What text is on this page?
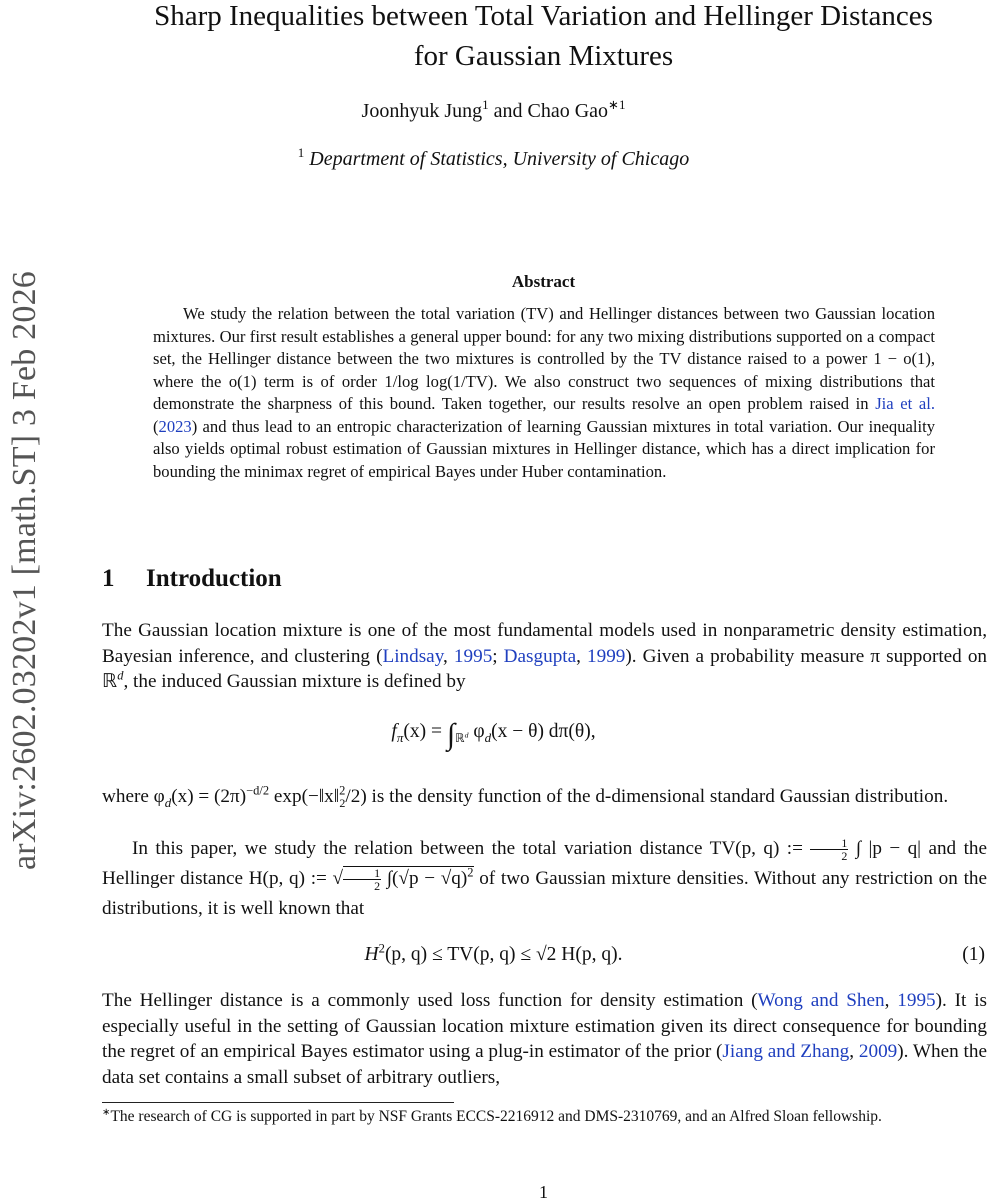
arXiv:2602.03202v1 [math.ST] 3 Feb 2026
Sharp Inequalities between Total Variation and Hellinger Distances
for Gaussian Mixtures
Joonhyuk Jung$^1$ and Chao Gao$^{∗1}$
$^1$ Department of Statistics, University of Chicago
Abstract
We study the relation between the total variation (TV) and Hellinger distances between two Gaussian location mixtures. Our first result establishes a general upper bound: for any two mixing distributions supported on a compact set, the Hellinger distance between the two mixtures is controlled by the TV distance raised to a power 1 − o(1), where the o(1) term is of order 1/log log(1/TV). We also construct two sequences of mixing distributions that demonstrate the sharpness of this bound. Taken together, our results resolve an open problem raised in Jia et al. (2023) and thus lead to an entropic characterization of learning Gaussian mixtures in total variation. Our inequality also yields optimal robust estimation of Gaussian mixtures in Hellinger distance, which has a direct implication for bounding the minimax regret of empirical Bayes under Huber contamination.
1 Introduction
The Gaussian location mixture is one of the most fundamental models used in nonparametric density estimation, Bayesian inference, and clustering (Lindsay, 1995; Dasgupta, 1999). Given a probability measure π supported on ℝ$^d$, the induced Gaussian mixture is defined by
$f_\pi(x) = \int_{ℝ^d}$ $\varphi_d(x - \theta)$ dπ(θ),
where $\varphi_d(x) = (2\pi)^{-d/2}$ exp(−‖x‖$^2_2$/2) is the density function of the d-dimensional standard Gaussian distribution.
In this paper, we study the relation between the total variation distance TV(p, q) := $\frac{1}{2}$ ∫ |p − q| and the Hellinger distance H(p, q) := √ $\frac{1}{2} \int(√p - √q)^2$ of two Gaussian mixture densities. Without any restriction on the distributions, it is well known that
$H^2(p$, q) ≤ TV(p, q) ≤ √2 H(p, q).	(1)
The Hellinger distance is a commonly used loss function for density estimation (Wong and Shen, 1995). It is especially useful in the setting of Gaussian location mixture estimation given its direct consequence for bounding the regret of an empirical Bayes estimator using a plug-in estimator of the prior (Jiang and Zhang, 2009). When the data set contains a small subset of arbitrary outliers,
∗The research of CG is supported in part by NSF Grants ECCS-2216912 and DMS-2310769, and an Alfred Sloan fellowship.
1
